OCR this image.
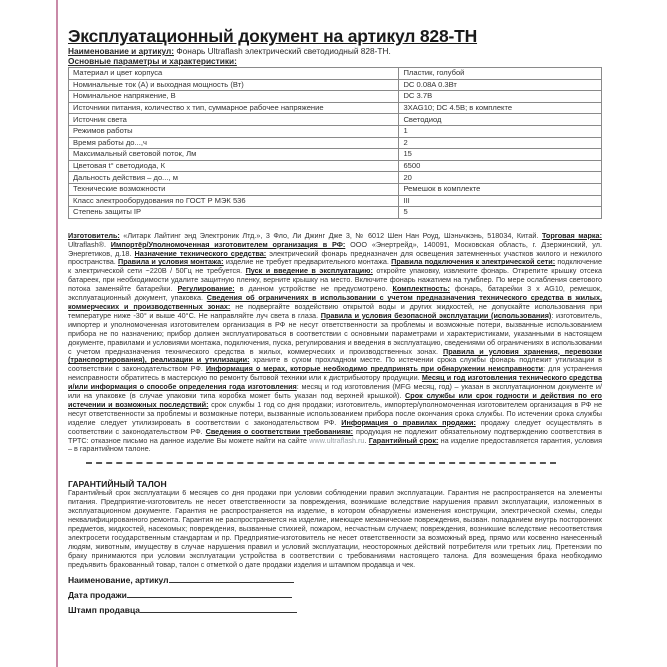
Эксплуатационный документ на артикул 828-TH
Наименование и артикул: Фонарь Ultraflash электрический светодиодный 828-TH.
Основные параметры и характеристики:
Материал и цвет корпуса	Пластик, голубой
Номинальные ток (А) и выходная мощность (Вт)	DC 0.08A 0.3Вт
Номинальное напряжение, В	DC 3.7В
Источники питания, количество х тип, суммарное рабочее напряжение	3XAG10; DC 4.5В; в комплекте
Источник света	Светодиод
Режимов работы	1
Время работы до...,ч	2
Максимальный световой поток, Лм	15
Цветовая t° светодиода, К	6500
Дальность действия – до..., м	20
Технические возможности	Ремешок в комплекте
Класс электрооборудования по ГОСТ Р МЭК 536	III
Степень защиты IP	5
Изготовитель: «Литарк Лайтинг энд Электроник Лтд.», 3 Фло, Ли Джинг Дже 3, № 6012 Шен Нан Роуд, Шэньчжэнь, 518034, Китай. Торговая марка: Ultraflash®. Импортёр/Уполномоченная изготовителем организация в РФ: ООО «Энертрейд», 140091, Московская область, г. Дзержинский, ул. Энергетиков, д.18. Назначение технического средства: электрический фонарь предназначен для освещения затемненных участков жилого и нежилого пространства. Правила и условия монтажа: изделие не требует предварительного монтажа. Правила подключения к электрической сети: подключение к электрической сети ~220В / 50Гц не требуется. Пуск и введение в эксплуатацию: откройте упаковку, извлеките фонарь. Открепите крышку отсека батареек, при необходимости удалите защитную пленку, верните крышку на место. Включите фонарь нажатием на тумблер. По мере ослабления светового потока заменяйте батарейки. Регулирование: в данном устройстве не предусмотрено. Комплектность: фонарь, батарейки 3 x AG10, ремешок, эксплуатационный документ, упаковка. Сведения об ограничениях в использовании с учетом предназначения технического средства в жилых, коммерческих и производственных зонах: не подвергайте воздействию открытой воды и других жидкостей, не допускайте использования при температуре ниже -30° и выше 40°С. Не направляйте луч света в глаза. Правила и условия безопасной эксплуатации (использования): изготовитель, импортер и уполномоченная изготовителем организация в РФ не несут ответственности за проблемы и возможные потери, вызванные использованием прибора не по назначению; прибор должен эксплуатироваться в соответствии с основными параметрами и характеристиками, указанными в настоящем документе, правилами и условиями монтажа, подключения, пуска, регулирования и введения в эксплуатацию, сведениями об ограничениях в использовании с учетом предназначения технического средства в жилых, коммерческих и производственных зонах. Правила и условия хранения, перевозки (транспортирования), реализации и утилизации: храните в сухом прохладном месте. По истечении срока службы фонарь подлежит утилизации в соответствии с законодательством РФ. Информация о мерах, которые необходимо предпринять при обнаружении неисправности: для устранения неисправности обратитесь в мастерскую по ремонту бытовой техники или к дистрибьютору продукции. Месяц и год изготовления технического средства и/или информация о способе определения года изготовления: месяц и год изготовления (MFG месяц, год) – указан в эксплуатационном документе и/или на упаковке (в случае упаковки типа коробка может быть указан под верхней крышкой). Срок службы или срок годности и действия по его истечении и возможных последствий: срок службы 1 год со дня продажи; изготовитель, импортер/уполномоченная изготовителем организация в РФ не несут ответственности за проблемы и возможные потери, вызванные использованием прибора после окончания срока службы. По истечении срока службы изделие следует утилизировать в соответствии с законодательством РФ. Информация о правилах продажи: продажу следует осуществлять в соответствии с законодательством РФ. Сведения о соответствии требованиям: продукция не подлежит обязательному подтверждению соответствия в ТРТС: отказное письмо на данное изделие Вы можете найти на сайте www.ultraflash.ru. Гарантийный срок: на изделие предоставляется гарантия, условия – в гарантийном талоне.
ГАРАНТИЙНЫЙ ТАЛОН
Гарантийный срок эксплуатации 6 месяцев со дня продажи при условии соблюдении правил эксплуатации. Гарантия не распространяется на элементы питания. Предприятие-изготовитель не несет ответственности за повреждения, возникшие вследствие нарушения правил эксплуатации, изложенных в эксплуатационном документе. Гарантия не распространяется на изделие, в котором обнаружены изменения конструкции, электрической схемы, следы неквалифицированного ремонта. Гарантия не распространяется на изделие, имеющее механические повреждения, вызван. попаданием внутрь посторонних предметов, жидкостей, насекомых; повреждения, вызванные стихией, пожаром, несчастным случаем; повреждения, возникшие вследствие несоответствия электросети государственным стандартам и пр. Предприятие-изготовитель не несет ответственности за возможный вред, прямо или косвенно нанесенный людям, животным, имуществу в случае нарушения правил и условий эксплуатации, неосторожных действий потребителя или третьих лиц. Претензии по браку принимаются при условии эксплуатации устройства в соответствии с требованиями настоящего талона. Для возмещения брака необходимо предъявить бракованный товар, талон с отметкой о дате продажи изделия и штампом продавца и чек.
Наименование, артикул
Дата продажи
Штамп продавца
